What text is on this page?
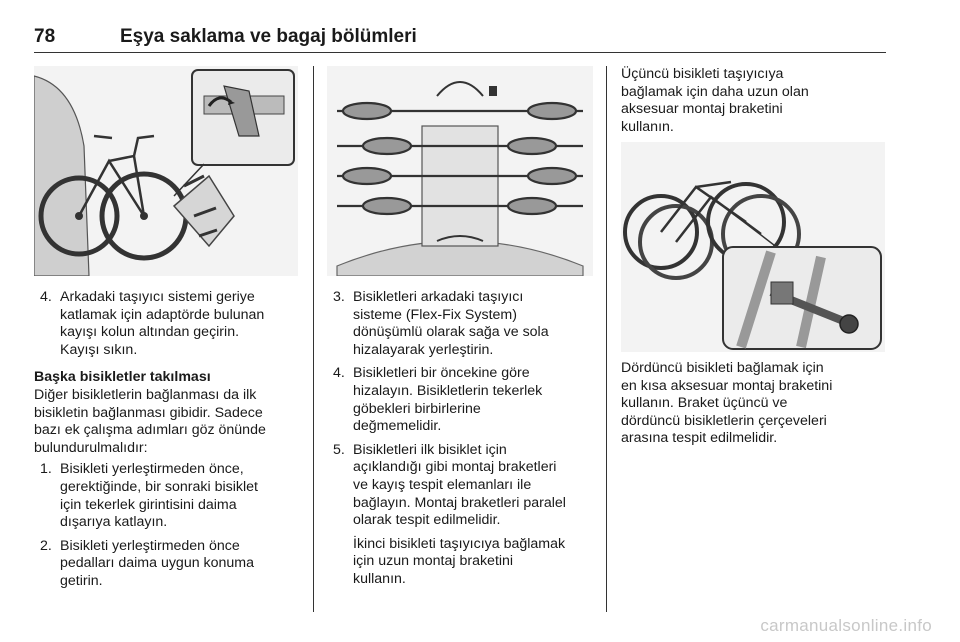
78	Eşya saklama ve bagaj bölümleri
4. Arkadaki taşıyıcı sistemi geriye
katlamak için adaptörde bulunan
kayışı kolun altından geçirin.
Kayışı sıkın.

Başka bisikletler takılması

Diğer bisikletlerin bağlanması da ilk
bisikletin bağlanması gibidir. Sadece
bazı ek çalışma adımları göz önünde
bulundurulmalıdır:

1. Bisikleti yerleştirmeden önce,
gerektiğinde, bir sonraki bisiklet
için tekerlek girintisini daima
dışarıya katlayın.
2. Bisikleti yerleştirmeden önce
pedalları daima uygun konuma
getirin.
3. Bisikletleri arkadaki taşıyıcı
sisteme (Flex-Fix System)
dönüşümlü olarak sağa ve sola
hizalayarak yerleştirin.
4. Bisikletleri bir öncekine göre
hizalayın. Bisikletlerin tekerlek
göbekleri birbirlerine
değmemelidir.
5. Bisikletleri ilk bisiklet için
açıklandığı gibi montaj braketleri
ve kayış tespit elemanları ile
bağlayın. Montaj braketleri paralel
olarak tespit edilmelidir.

İkinci bisikleti taşıyıcıya bağlamak
için uzun montaj braketini
kullanın.

Üçüncü bisikleti taşıyıcıya
bağlamak için daha uzun olan
aksesuar montaj braketini
kullanın.

Dördüncü bisikleti bağlamak için
en kısa aksesuar montaj braketini
kullanın. Braket üçüncü ve
dördüncü bisikletlerin çerçeveleri
arasına tespit edilmelidir.

carmanualsonline.info
